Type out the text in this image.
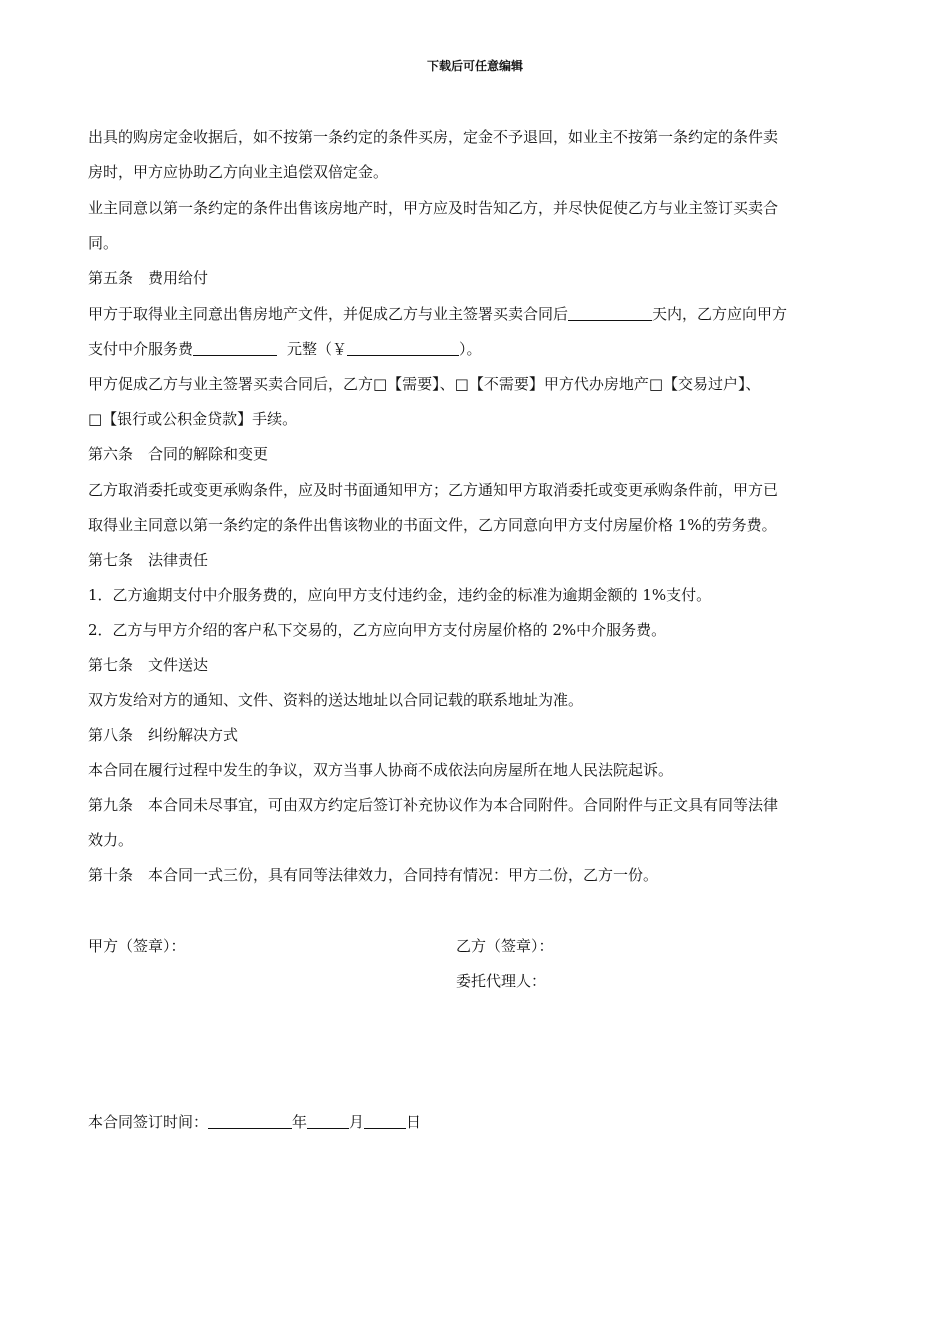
下载后可任意编辑
出具的购房定金收据后，如不按第一条约定的条件买房，定金不予退回，如业主不按第一条约定的条件卖
房时，甲方应协助乙方向业主追偿双倍定金。
业主同意以第一条约定的条件出售该房地产时，甲方应及时告知乙方，并尽快促使乙方与业主签订买卖合
同。
第五条　费用给付
甲方于取得业主同意出售房地产文件，并促成乙方与业主签署买卖合同后	天内，乙方应向甲方
支付中介服务费	元整（￥	）。
甲方促成乙方与业主签署买卖合同后，乙方□【需要】、□【不需要】甲方代办房地产□【交易过户】、
□【银行或公积金贷款】手续。
第六条　合同的解除和变更
乙方取消委托或变更承购条件，应及时书面通知甲方；乙方通知甲方取消委托或变更承购条件前，甲方已
取得业主同意以第一条约定的条件出售该物业的书面文件，乙方同意向甲方支付房屋价格 1%的劳务费。
第七条　法律责任
1．乙方逾期支付中介服务费的，应向甲方支付违约金，违约金的标准为逾期金额的 1%支付。
2．乙方与甲方介绍的客户私下交易的，乙方应向甲方支付房屋价格的 2%中介服务费。
第七条　文件送达
双方发给对方的通知、文件、资料的送达地址以合同记载的联系地址为准。
第八条　纠纷解决方式
本合同在履行过程中发生的争议，双方当事人协商不成依法向房屋所在地人民法院起诉。
第九条　本合同未尽事宜，可由双方约定后签订补充协议作为本合同附件。合同附件与正文具有同等法律
效力。
第十条　本合同一式三份，具有同等法律效力，合同持有情况：甲方二份，乙方一份。
甲方（签章）：	乙方（签章）：
委托代理人：
本合同签订时间：	年	月	日
